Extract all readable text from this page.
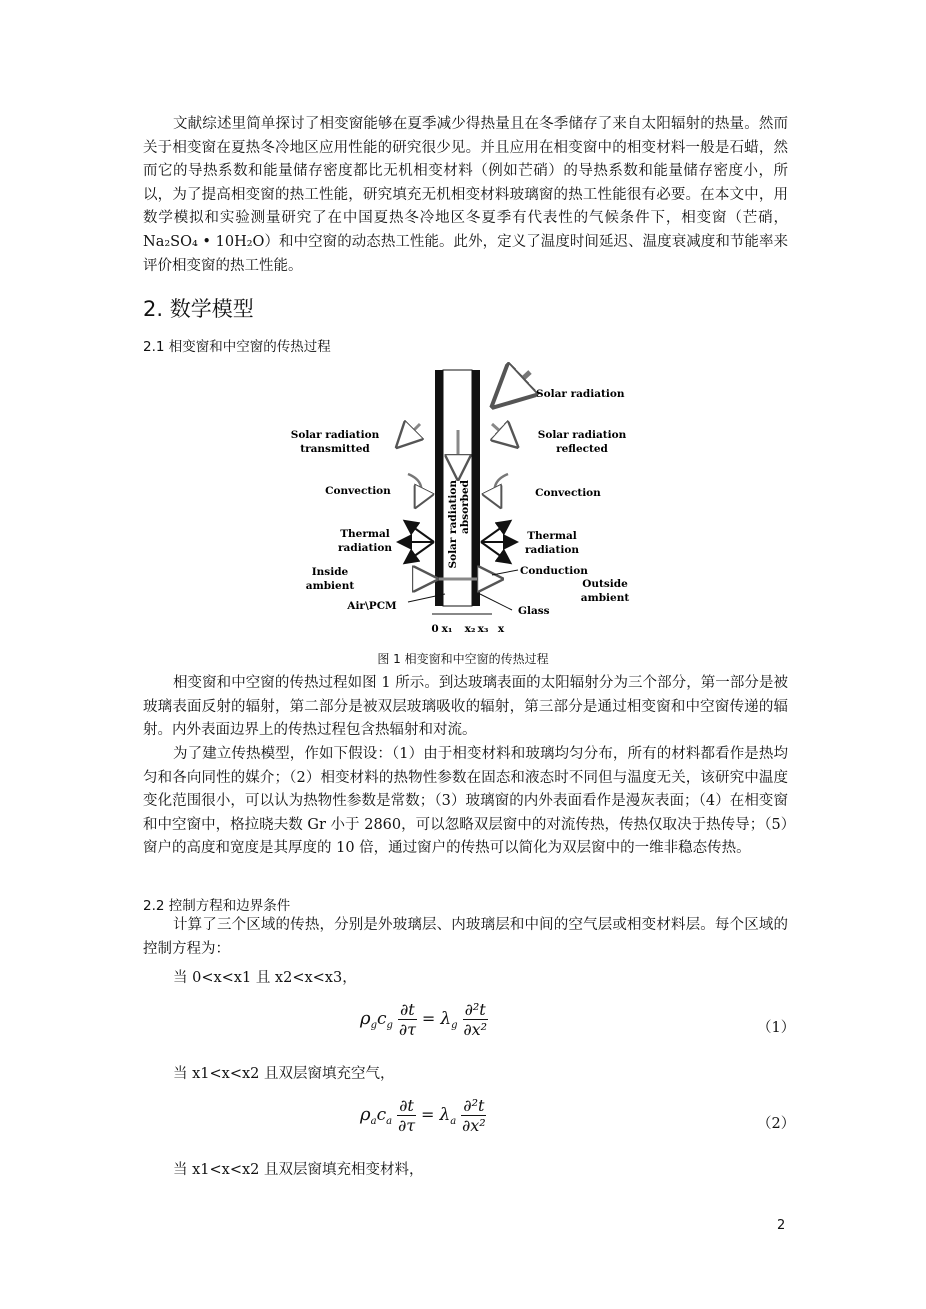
文献综述里简单探讨了相变窗能够在夏季减少得热量且在冬季储存了来自太阳辐射的热量。然而关于相变窗在夏热冬冷地区应用性能的研究很少见。并且应用在相变窗中的相变材料一般是石蜡，然而它的导热系数和能量储存密度都比无机相变材料（例如芒硝）的导热系数和能量储存密度小，所以，为了提高相变窗的热工性能，研究填充无机相变材料玻璃窗的热工性能很有必要。在本文中，用数学模拟和实验测量研究了在中国夏热冬冷地区冬夏季有代表性的气候条件下，相变窗（芒硝，Na₂SO₄ • 10H₂O）和中空窗的动态热工性能。此外，定义了温度时间延迟、温度衰减度和节能率来评价相变窗的热工性能。

2. 数学模型
2.1 相变窗和中空窗的传热过程
Solar radiation absorbed
Solar radiation
Solar radiation
transmitted
Solar radiation
reflected
Convection	Convection
Thermal
radiation
Thermal
radiation
Conduction
Inside
ambient	Outside
ambient
Air\PCM	Glass
0 x₁ x₂ x₃ x
图 1 相变窗和中空窗的传热过程

相变窗和中空窗的传热过程如图 1 所示。到达玻璃表面的太阳辐射分为三个部分，第一部分是被玻璃表面反射的辐射，第二部分是被双层玻璃吸收的辐射，第三部分是通过相变窗和中空窗传递的辐射。内外表面边界上的传热过程包含热辐射和对流。

为了建立传热模型，作如下假设：（1）由于相变材料和玻璃均匀分布，所有的材料都看作是热均匀和各向同性的媒介；（2）相变材料的热物性参数在固态和液态时不同但与温度无关，该研究中温度变化范围很小，可以认为热物性参数是常数；（3）玻璃窗的内外表面看作是漫灰表面；（4）在相变窗和中空窗中，格拉晓夫数 Gr 小于 2860，可以忽略双层窗中的对流传热，传热仅取决于热传导；（5）窗户的高度和宽度是其厚度的 10 倍，通过窗户的传热可以简化为双层窗中的一维非稳态传热。

2.2 控制方程和边界条件

计算了三个区域的传热，分别是外玻璃层、内玻璃层和中间的空气层或相变材料层。每个区域的控制方程为：

当 0<x<x1 且 x2<x<x3，
$\rho_gc_g \frac{\partial t}{\partial\tau} = \lambda_g \frac{\text{∂²t}}{\text{∂x²}}$	（1）
当 x1<x<x2 且双层窗填充空气，
$\rho_ac_a \frac{\partial t}{\partial\tau} = \lambda_a \frac{\text{∂²t}}{\text{∂x²}}$	（2）
当 x1<x<x2 且双层窗填充相变材料，
2
